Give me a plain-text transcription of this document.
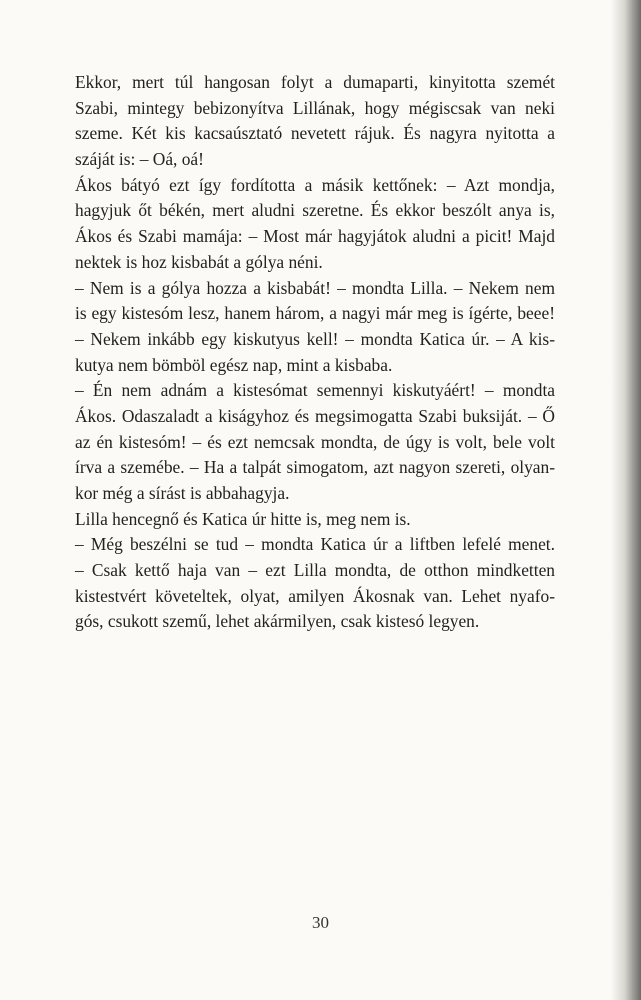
Ekkor, mert túl hangosan folyt a dumaparti, kinyitotta szemét
Szabi, mintegy bebizonyítva Lillának, hogy mégiscsak van neki
szeme. Két kis kacsaúsztató nevetett rájuk. És nagyra nyitotta a
száját is: – Oá, oá!
Ákos bátyó ezt így fordította a másik kettőnek: – Azt mondja,
hagyjuk őt békén, mert aludni szeretne. És ekkor beszólt anya is,
Ákos és Szabi mamája: – Most már hagyjátok aludni a picit! Majd
nektek is hoz kisbabát a gólya néni.
– Nem is a gólya hozza a kisbabát! – mondta Lilla. – Nekem nem
is egy kistesóm lesz, hanem három, a nagyi már meg is ígérte, beee!
– Nekem inkább egy kiskutyus kell! – mondta Katica úr. – A kis-
kutya nem bömböl egész nap, mint a kisbaba.
– Én nem adnám a kistesómat semennyi kiskutyáért! – mondta
Ákos. Odaszaladt a kiságyhoz és megsimogatta Szabi buksiját. – Ő
az én kistesóm! – és ezt nemcsak mondta, de úgy is volt, bele volt
írva a szemébe. – Ha a talpát simogatom, azt nagyon szereti, olyan-
kor még a sírást is abbahagyja.
Lilla hencegnő és Katica úr hitte is, meg nem is.
– Még beszélni se tud – mondta Katica úr a liftben lefelé menet.
– Csak kettő haja van – ezt Lilla mondta, de otthon mindketten
kistestvért követeltek, olyat, amilyen Ákosnak van. Lehet nyafo-
gós, csukott szemű, lehet akármilyen, csak kistesó legyen.
30
